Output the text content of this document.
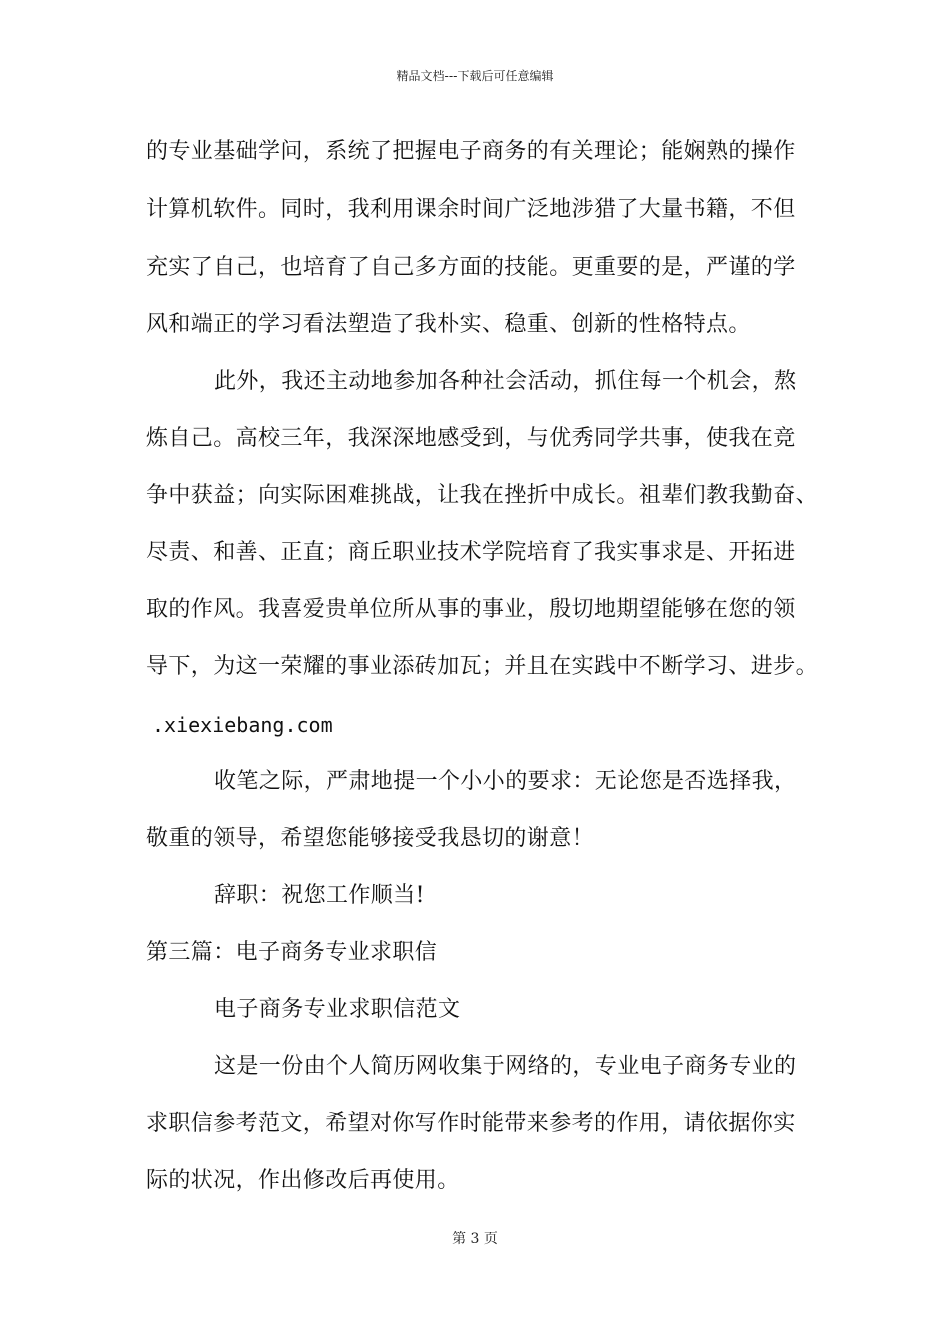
精品文档---下载后可任意编辑
的专业基础学问，系统了把握电子商务的有关理论；能娴熟的操作
计算机软件。同时，我利用课余时间广泛地涉猎了大量书籍，不但
充实了自己，也培育了自己多方面的技能。更重要的是，严谨的学
风和端正的学习看法塑造了我朴实、稳重、创新的性格特点。
此外，我还主动地参加各种社会活动，抓住每一个机会，熬
炼自己。高校三年，我深深地感受到，与优秀同学共事，使我在竞
争中获益；向实际困难挑战，让我在挫折中成长。祖辈们教我勤奋、
尽责、和善、正直；商丘职业技术学院培育了我实事求是、开拓进
取的作风。我喜爱贵单位所从事的事业，殷切地期望能够在您的领
导下，为这一荣耀的事业添砖加瓦；并且在实践中不断学习、进步。
.xiexiebang.com
收笔之际，严肃地提一个小小的要求：无论您是否选择我，
敬重的领导，希望您能够接受我恳切的谢意！
辞职：祝您工作顺当!
第三篇：电子商务专业求职信
电子商务专业求职信范文
这是一份由个人简历网收集于网络的，专业电子商务专业的
求职信参考范文，希望对你写作时能带来参考的作用，请依据你实
际的状况，作出修改后再使用。
第 3 页
